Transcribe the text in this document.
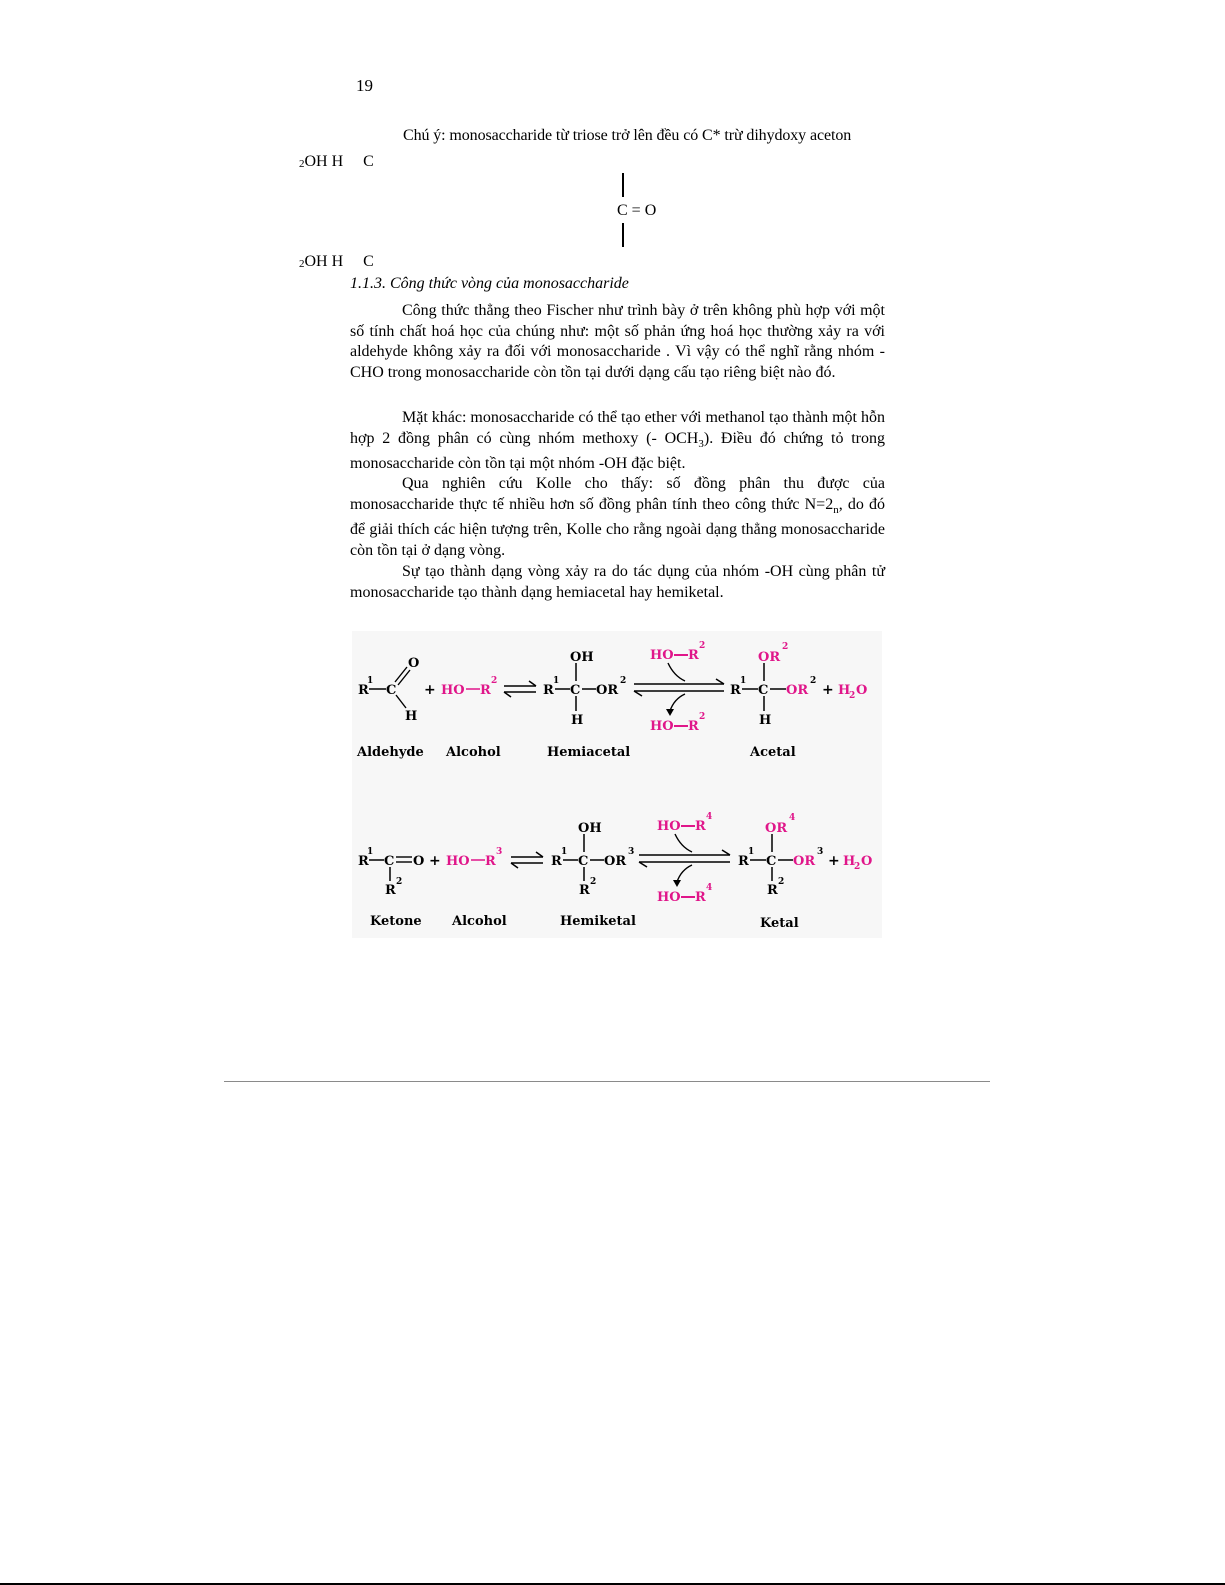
19
Chú ý: monosaccharide từ triose trở lên đều có C* trừ dihydoxy aceton
$_2$OH H     C
C = O
$_2$OH H     C
1.1.3. Công thức vòng của monosaccharide

Công thức thẳng theo Fischer như trình bày ở trên không phù hợp với một số tính chất hoá học của chúng như: một số phản ứng hoá học thường xảy ra với aldehyde không xảy ra đối với monosaccharide . Vì vậy có thể nghĩ rằng nhóm -CHO trong monosaccharide còn tồn tại dưới dạng cấu tạo riêng biệt nào đó.

Mặt khác: monosaccharide có thể tạo ether với methanol tạo thành một hỗn hợp 2 đồng phân có cùng nhóm methoxy (- $OCH_3$). Điều đó chứng tỏ trong monosaccharide còn tồn tại một nhóm -OH đặc biệt.

Qua nghiên cứu Kolle cho thấy: số đồng phân thu được của monosaccharide thực tế nhiều hơn số đồng phân tính theo công thức $N=2_n$, do đó để giải thích các hiện tượng trên, Kolle cho rằng ngoài dạng thẳng monosaccharide còn tồn tại ở dạng vòng.

Sự tạo thành dạng vòng xảy ra do tác dụng của nhóm -OH cùng phân tử monosaccharide tạo thành dạng hemiacetal hay hemiketal.

R
1
C
O
H
+ HO R
2
R
1
C
OH
OR
2
H
HO R
2
HO R
2
R
1
C
OR
2
OR
2
H
+ H
2 O
Aldehyde Alcohol	Hemiacetal	Acetal
R
1
C O
R
2
+ HO R
3
R
1
C
OH
OR
3
R
2
HO R
4
HO R
4
R
1
C
OR
4
OR
3
R
2
+ H
2 O
Ketone Alcohol	Hemiketal	Ketal
